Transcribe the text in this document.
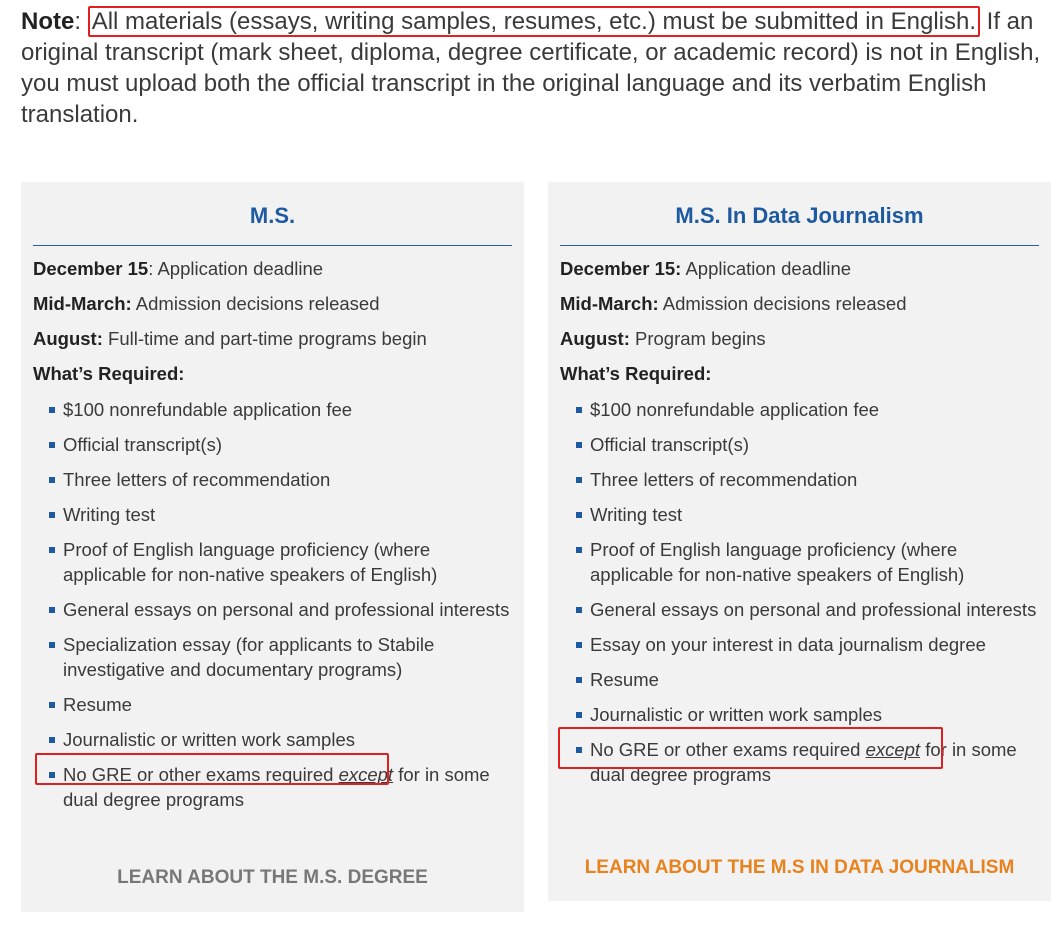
Note: All materials (essays, writing samples, resumes, etc.) must be submitted in English. If an original transcript (mark sheet, diploma, degree certificate, or academic record) is not in English, you must upload both the official transcript in the original language and its verbatim English translation.

M.S.

December 15: Application deadline

Mid-March: Admission decisions released

August: Full-time and part-time programs begin

What’s Required:

$100 nonrefundable application fee
Official transcript(s)
Three letters of recommendation
Writing test
Proof of English language proficiency (where applicable for non-native speakers of English)
General essays on personal and professional interests
Specialization essay (for applicants to Stabile investigative and documentary programs)
Resume
Journalistic or written work samples
No GRE or other exams required except for in some dual degree programs
LEARN ABOUT THE M.S. DEGREE
M.S. In Data Journalism

December 15: Application deadline

Mid-March: Admission decisions released

August: Program begins

What’s Required:

$100 nonrefundable application fee
Official transcript(s)
Three letters of recommendation
Writing test
Proof of English language proficiency (where applicable for non-native speakers of English)
General essays on personal and professional interests
Essay on your interest in data journalism degree
Resume
Journalistic or written work samples
No GRE or other exams required except for in some dual degree programs
LEARN ABOUT THE M.S IN DATA JOURNALISM
